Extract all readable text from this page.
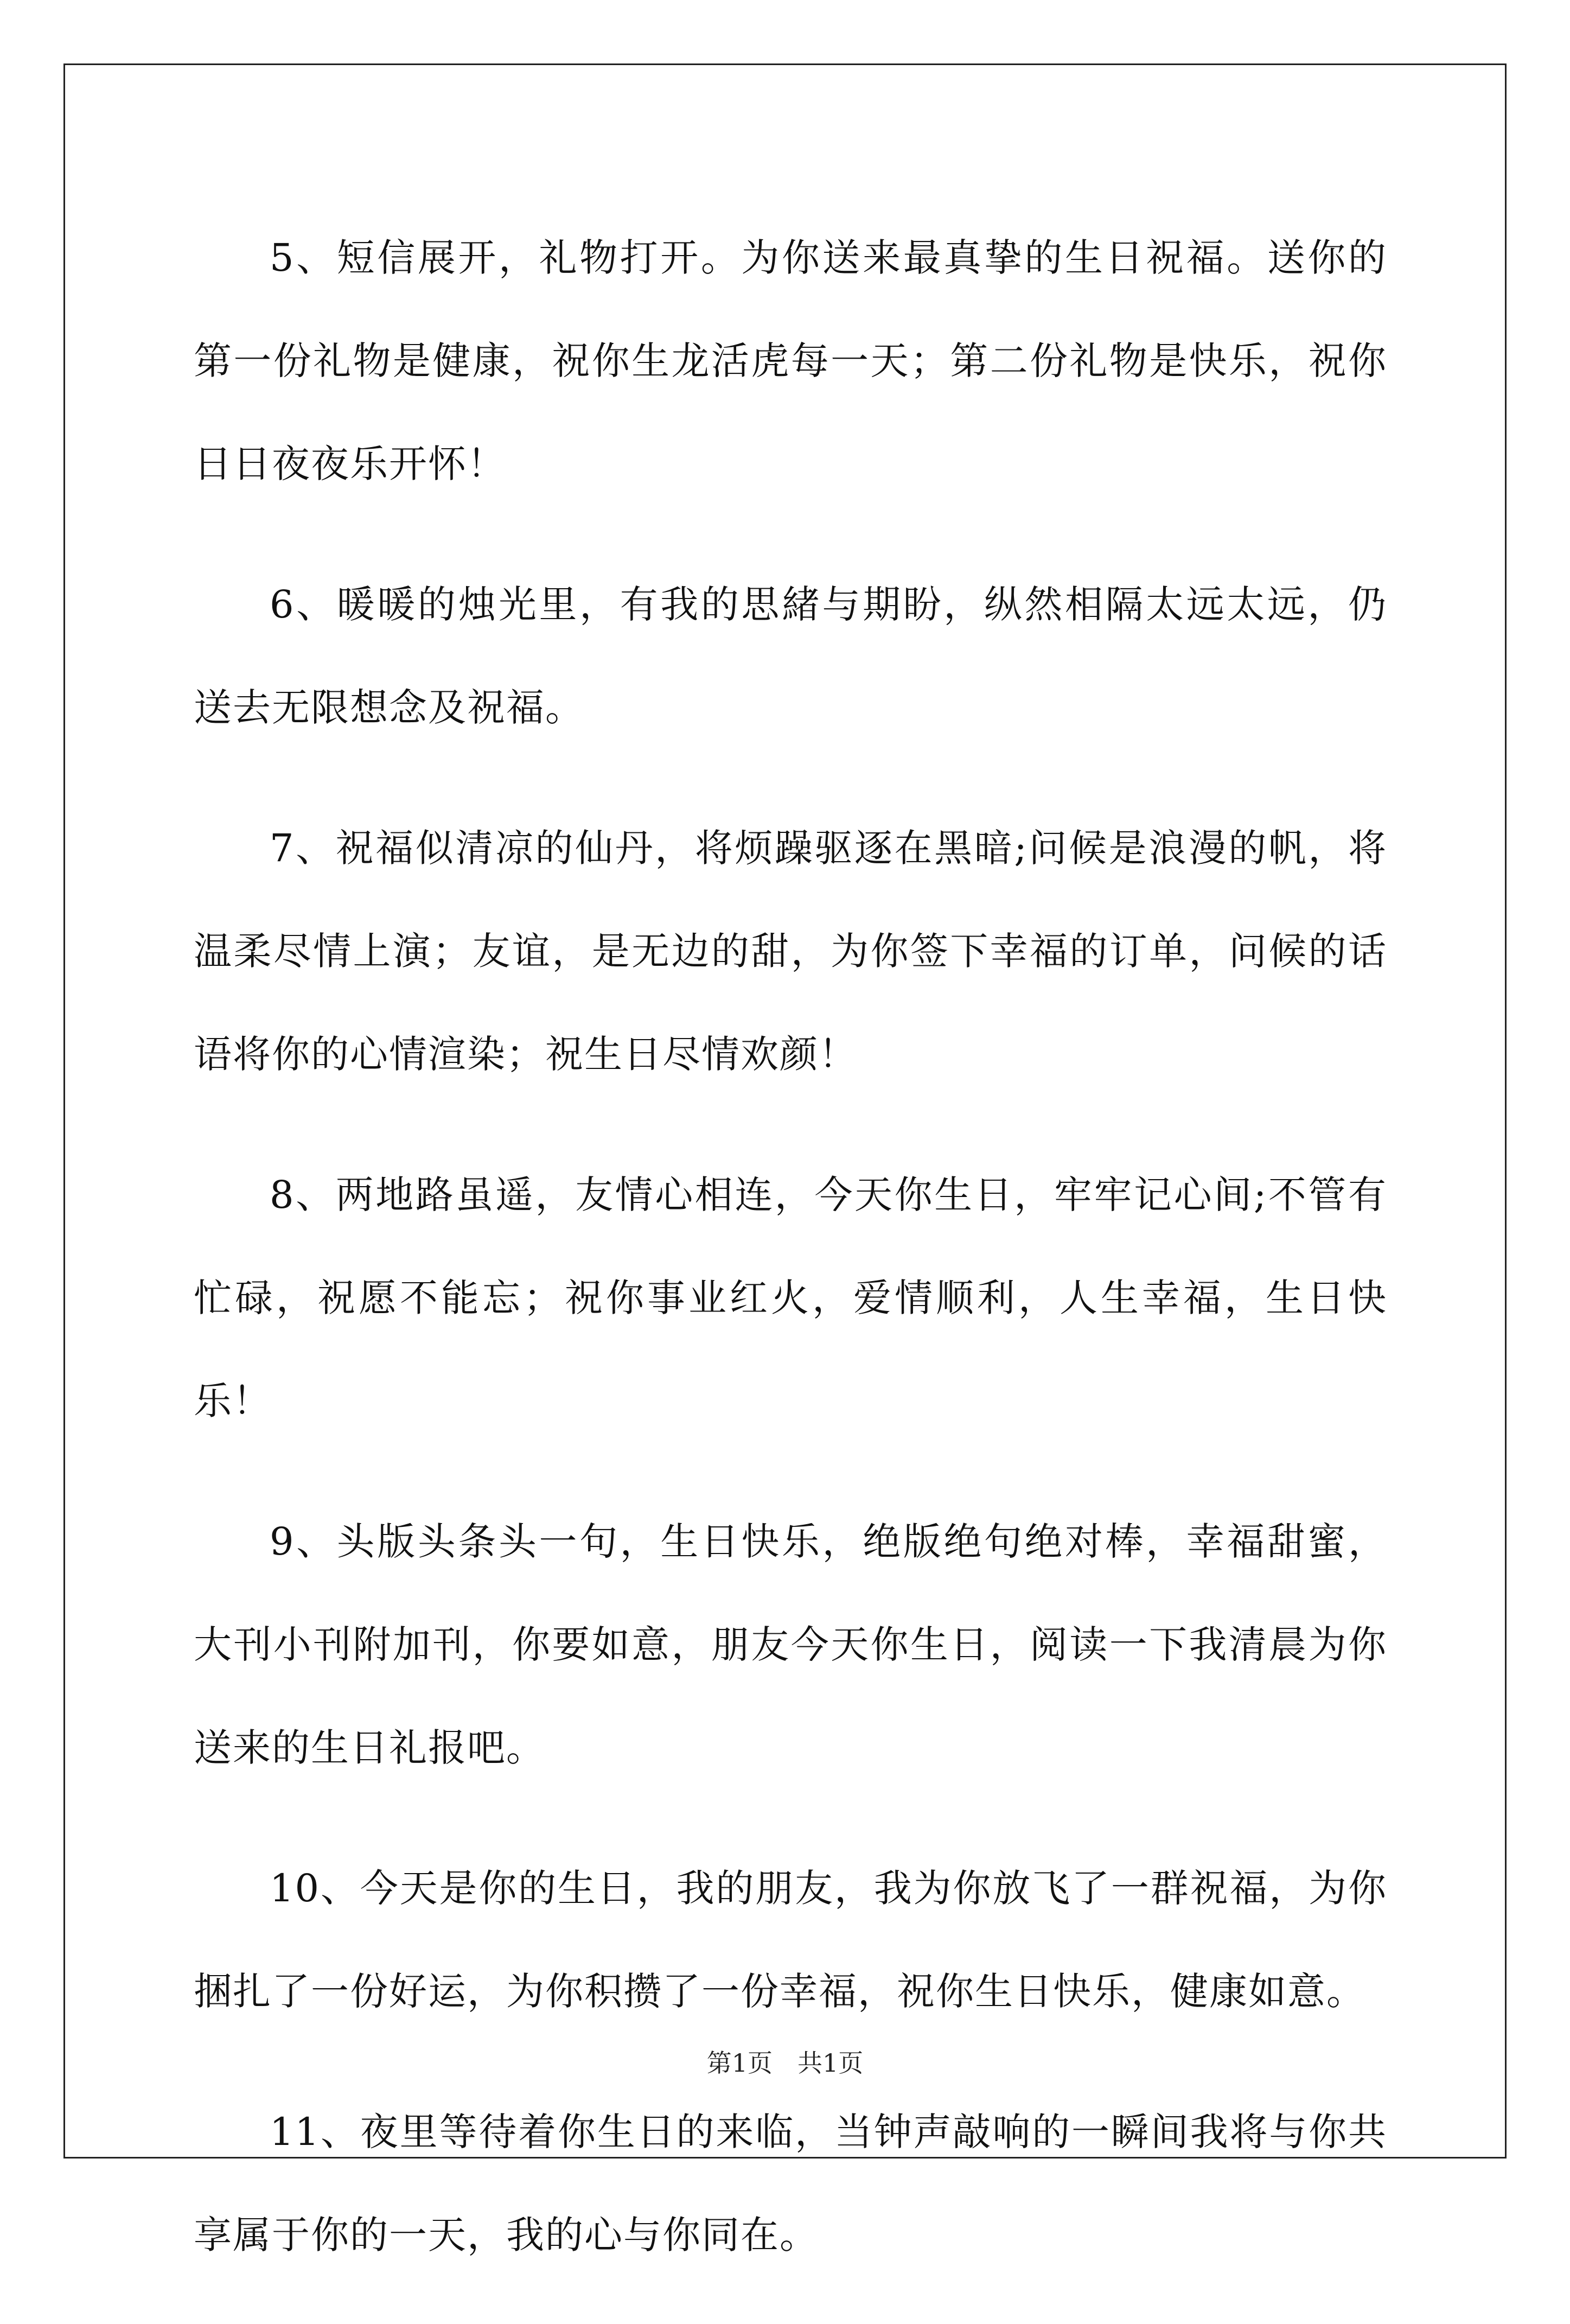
5、短信展开，礼物打开。为你送来最真挚的生日祝福。送你的第一份礼物是健康，祝你生龙活虎每一天；第二份礼物是快乐，祝你日日夜夜乐开怀！

6、暖暖的烛光里，有我的思緒与期盼，纵然相隔太远太远，仍送去无限想念及祝福。

7、祝福似清凉的仙丹，将烦躁驱逐在黑暗;问候是浪漫的帆，将温柔尽情上演；友谊，是无边的甜，为你签下幸福的订单，问候的话语将你的心情渲染；祝生日尽情欢颜！

8、两地路虽遥，友情心相连，今天你生日，牢牢记心间;不管有忙碌，祝愿不能忘；祝你事业红火，爱情顺利，人生幸福，生日快乐！

9、头版头条头一句，生日快乐，绝版绝句绝对棒，幸福甜蜜，大刊小刊附加刊，你要如意，朋友今天你生日，阅读一下我清晨为你送来的生日礼报吧。

10、今天是你的生日，我的朋友，我为你放飞了一群祝福，为你捆扎了一份好运，为你积攒了一份幸福，祝你生日快乐，健康如意。

11、夜里等待着你生日的来临，当钟声敲响的一瞬间我将与你共享属于你的一天，我的心与你同在。

第1页　共1页
